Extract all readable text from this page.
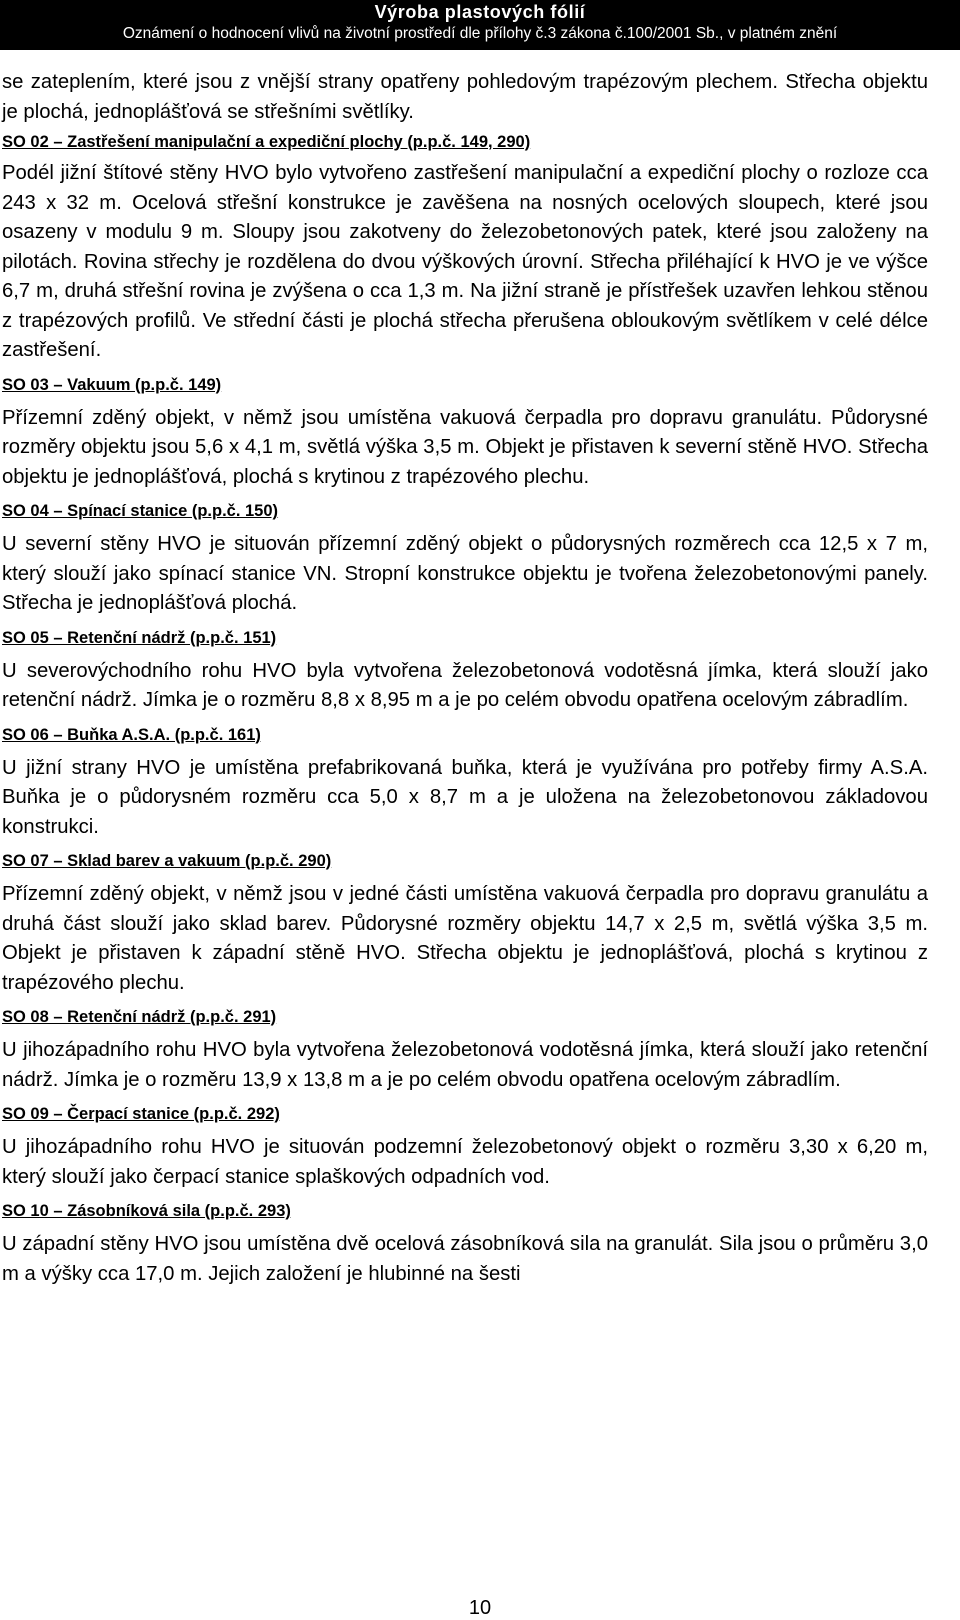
Výroba plastových fólií
Oznámení o hodnocení vlivů na životní prostředí dle přílohy č.3 zákona č.100/2001 Sb., v platném znění

se zateplením, které jsou z vnější strany opatřeny pohledovým trapézovým plechem. Střecha objektu je plochá, jednoplášťová se střešními světlíky.

SO 02 – Zastřešení manipulační a expediční plochy (p.p.č. 149, 290)

Podél jižní štítové stěny HVO bylo vytvořeno zastřešení manipulační a expediční plochy o rozloze cca 243 x 32 m. Ocelová střešní konstrukce je zavěšena na nosných ocelových sloupech, které jsou osazeny v modulu 9 m. Sloupy jsou zakotveny do železobetonových patek, které jsou založeny na pilotách. Rovina střechy je rozdělena do dvou výškových úrovní. Střecha přiléhající k HVO je ve výšce 6,7 m, druhá střešní rovina je zvýšena o cca 1,3 m. Na jižní straně je přístřešek uzavřen lehkou stěnou z trapézových profilů. Ve střední části je plochá střecha přerušena obloukovým světlíkem v celé délce zastřešení.

SO 03 – Vakuum (p.p.č. 149)

Přízemní zděný objekt, v němž jsou umístěna vakuová čerpadla pro dopravu granulátu. Půdorysné rozměry objektu jsou 5,6 x 4,1 m, světlá výška 3,5 m. Objekt je přistaven k severní stěně HVO. Střecha objektu je jednoplášťová, plochá s krytinou z trapézového plechu.

SO 04 – Spínací stanice (p.p.č. 150)

U severní stěny HVO je situován přízemní zděný objekt o půdorysných rozměrech cca 12,5 x 7 m, který slouží jako spínací stanice VN. Stropní konstrukce objektu je tvořena železobetonovými panely. Střecha je jednoplášťová plochá.

SO 05 – Retenční nádrž (p.p.č. 151)

U severovýchodního rohu HVO byla vytvořena železobetonová vodotěsná jímka, která slouží jako retenční nádrž. Jímka je o rozměru 8,8 x 8,95 m a je po celém obvodu opatřena ocelovým zábradlím.

SO 06 – Buňka A.S.A. (p.p.č. 161)

U jižní strany HVO je umístěna prefabrikovaná buňka, která je využívána pro potřeby firmy A.S.A. Buňka je o půdorysném rozměru cca 5,0 x 8,7 m a je uložena na železobetonovou základovou konstrukci.

SO 07 – Sklad barev a vakuum (p.p.č. 290)

Přízemní zděný objekt, v němž jsou v jedné části umístěna vakuová čerpadla pro dopravu granulátu a druhá část slouží jako sklad barev. Půdorysné rozměry objektu 14,7 x 2,5 m, světlá výška 3,5 m. Objekt je přistaven k západní stěně HVO. Střecha objektu je jednoplášťová, plochá s krytinou z trapézového plechu.

SO 08 – Retenční nádrž (p.p.č. 291)

U jihozápadního rohu HVO byla vytvořena železobetonová vodotěsná jímka, která slouží jako retenční nádrž. Jímka je o rozměru 13,9 x 13,8 m a je po celém obvodu opatřena ocelovým zábradlím.

SO 09 – Čerpací stanice (p.p.č. 292)

U jihozápadního rohu HVO je situován podzemní železobetonový objekt o rozměru 3,30 x 6,20 m, který slouží jako čerpací stanice splaškových odpadních vod.

SO 10 – Zásobníková sila (p.p.č. 293)

U západní stěny HVO jsou umístěna dvě ocelová zásobníková sila na granulát. Sila jsou o průměru 3,0 m a výšky cca 17,0 m. Jejich založení je hlubinné na šesti

10
